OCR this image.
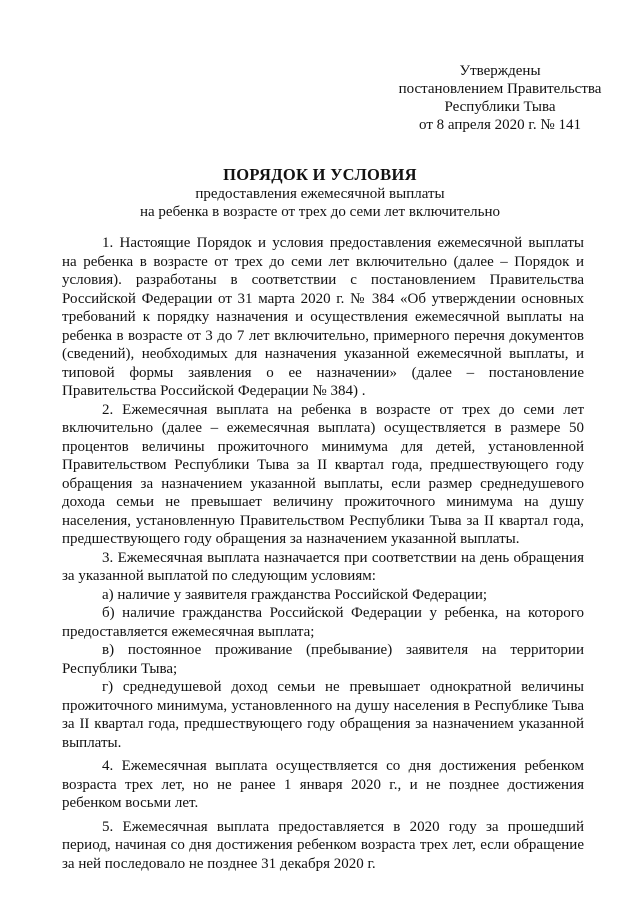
Утверждены
постановлением Правительства
Республики Тыва
от 8 апреля 2020 г. № 141
ПОРЯДОК И УСЛОВИЯ
предоставления ежемесячной выплаты
на ребенка в возрасте от трех до семи лет включительно

1. Настоящие Порядок и условия предоставления ежемесячной выплаты на ребенка в возрасте от трех до семи лет включительно (далее – Порядок и условия). разработаны в соответствии с постановлением Правительства Российской Федерации от 31 марта 2020 г. № 384 «Об утверждении основных требований к порядку назначения и осуществления ежемесячной выплаты на ребенка в возрасте от 3 до 7 лет включительно, примерного перечня документов (сведений), необходимых для назначения указанной ежемесячной выплаты, и типовой формы заявления о ее назначении» (далее – постановление Правительства Российской Федерации № 384) .

2. Ежемесячная выплата на ребенка в возрасте от трех до семи лет включительно (далее – ежемесячная выплата) осуществляется в размере 50 процентов величины прожиточного минимума для детей, установленной Правительством Республики Тыва за II квартал года, предшествующего году обращения за назначением указанной выплаты, если размер среднедушевого дохода семьи не превышает величину прожиточного минимума на душу населения, установленную Правительством Республики Тыва за II квартал года, предшествующего году обращения за назначением указанной выплаты.

3. Ежемесячная выплата назначается при соответствии на день обращения за указанной выплатой по следующим условиям:

а) наличие у заявителя гражданства Российской Федерации;

б) наличие гражданства Российской Федерации у ребенка, на которого предоставляется ежемесячная выплата;

в) постоянное проживание (пребывание) заявителя на территории Республики Тыва;

г) среднедушевой доход семьи не превышает однократной величины прожиточного минимума, установленного на душу населения в Республике Тыва за II квартал года, предшествующего году обращения за назначением указанной выплаты.

4. Ежемесячная выплата осуществляется со дня достижения ребенком возраста трех лет, но не ранее 1 января 2020 г., и не позднее достижения ребенком восьми лет.

5. Ежемесячная выплата предоставляется в 2020 году за прошедший период, начиная со дня достижения ребенком возраста трех лет, если обращение за ней последовало не позднее 31 декабря 2020 г.
